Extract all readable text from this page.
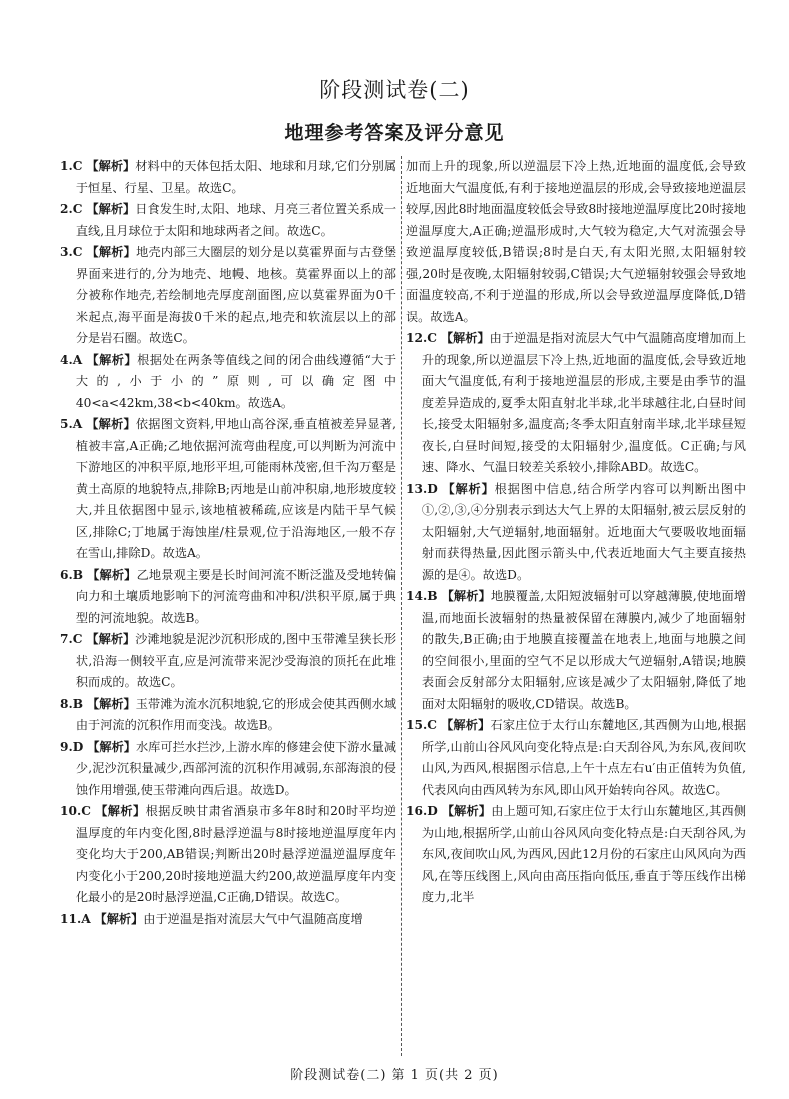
阶段测试卷(二)
地理参考答案及评分意见

1.C 【解析】材料中的天体包括太阳、地球和月球,它们分别属于恒星、行星、卫星。故选C。

2.C 【解析】日食发生时,太阳、地球、月亮三者位置关系成一直线,且月球位于太阳和地球两者之间。故选C。

3.C 【解析】地壳内部三大圈层的划分是以莫霍界面与古登堡界面来进行的,分为地壳、地幔、地核。莫霍界面以上的部分被称作地壳,若绘制地壳厚度剖面图,应以莫霍界面为0千米起点,海平面是海拔0千米的起点,地壳和软流层以上的部分是岩石圈。故选C。

4.A 【解析】根据处在两条等值线之间的闭合曲线遵循“大于大的,小于小的”原则,可以确定图中40<a<42km,38<b<40km。故选A。

5.A 【解析】依据图文资料,甲地山高谷深,垂直植被差异显著,植被丰富,A正确;乙地依据河流弯曲程度,可以判断为河流中下游地区的冲积平原,地形平坦,可能雨林茂密,但千沟万壑是黄土高原的地貌特点,排除B;丙地是山前冲积扇,地形坡度较大,并且依据图中显示,该地植被稀疏,应该是内陆干旱气候区,排除C;丁地属于海蚀崖/柱景观,位于沿海地区,一般不存在雪山,排除D。故选A。

6.B 【解析】乙地景观主要是长时间河流不断泛滥及受地转偏向力和土壤质地影响下的河流弯曲和冲积/洪积平原,属于典型的河流地貌。故选B。

7.C 【解析】沙滩地貌是泥沙沉积形成的,图中玉带滩呈狭长形状,沿海一侧较平直,应是河流带来泥沙受海浪的顶托在此堆积而成的。故选C。

8.B 【解析】玉带滩为流水沉积地貌,它的形成会使其西侧水域由于河流的沉积作用而变浅。故选B。

9.D 【解析】水库可拦水拦沙,上游水库的修建会使下游水量减少,泥沙沉积量减少,西部河流的沉积作用减弱,东部海浪的侵蚀作用增强,使玉带滩向西后退。故选D。

10.C 【解析】根据反映甘肃省酒泉市多年8时和20时平均逆温厚度的年内变化图,8时悬浮逆温与8时接地逆温厚度年内变化均大于200,AB错误;判断出20时悬浮逆温逆温厚度年内变化小于200,20时接地逆温大约200,故逆温厚度年内变化最小的是20时悬浮逆温,C正确,D错误。故选C。

11.A 【解析】由于逆温是指对流层大气中气温随高度增

加而上升的现象,所以逆温层下冷上热,近地面的温度低,会导致近地面大气温度低,有利于接地逆温层的形成,会导致接地逆温层较厚,因此8时地面温度较低会导致8时接地逆温厚度比20时接地逆温厚度大,A正确;逆温形成时,大气较为稳定,大气对流强会导致逆温厚度较低,B错误;8时是白天,有太阳光照,太阳辐射较强,20时是夜晚,太阳辐射较弱,C错误;大气逆辐射较强会导致地面温度较高,不利于逆温的形成,所以会导致逆温厚度降低,D错误。故选A。

12.C 【解析】由于逆温是指对流层大气中气温随高度增加而上升的现象,所以逆温层下冷上热,近地面的温度低,会导致近地面大气温度低,有利于接地逆温层的形成,主要是由季节的温度差异造成的,夏季太阳直射北半球,北半球越往北,白昼时间长,接受太阳辐射多,温度高;冬季太阳直射南半球,北半球昼短夜长,白昼时间短,接受的太阳辐射少,温度低。C正确;与风速、降水、气温日较差关系较小,排除ABD。故选C。

13.D 【解析】根据图中信息,结合所学内容可以判断出图中①,②,③,④分别表示到达大气上界的太阳辐射,被云层反射的太阳辐射,大气逆辐射,地面辐射。近地面大气要吸收地面辐射而获得热量,因此图示箭头中,代表近地面大气主要直接热源的是④。故选D。

14.B 【解析】地膜覆盖,太阳短波辐射可以穿越薄膜,使地面增温,而地面长波辐射的热量被保留在薄膜内,减少了地面辐射的散失,B正确;由于地膜直接覆盖在地表上,地面与地膜之间的空间很小,里面的空气不足以形成大气逆辐射,A错误;地膜表面会反射部分太阳辐射,应该是减少了太阳辐射,降低了地面对太阳辐射的吸收,CD错误。故选B。

15.C 【解析】石家庄位于太行山东麓地区,其西侧为山地,根据所学,山前山谷风风向变化特点是:白天刮谷风,为东风,夜间吹山风,为西风,根据图示信息,上午十点左右u′由正值转为负值,代表风向由西风转为东风,即山风开始转向谷风。故选C。

16.D 【解析】由上题可知,石家庄位于太行山东麓地区,其西侧为山地,根据所学,山前山谷风风向变化特点是:白天刮谷风,为东风,夜间吹山风,为西风,因此12月份的石家庄山风风向为西风,在等压线图上,风向由高压指向低压,垂直于等压线作出梯度力,北半

阶段测试卷(二) 第 1 页(共 2 页)
